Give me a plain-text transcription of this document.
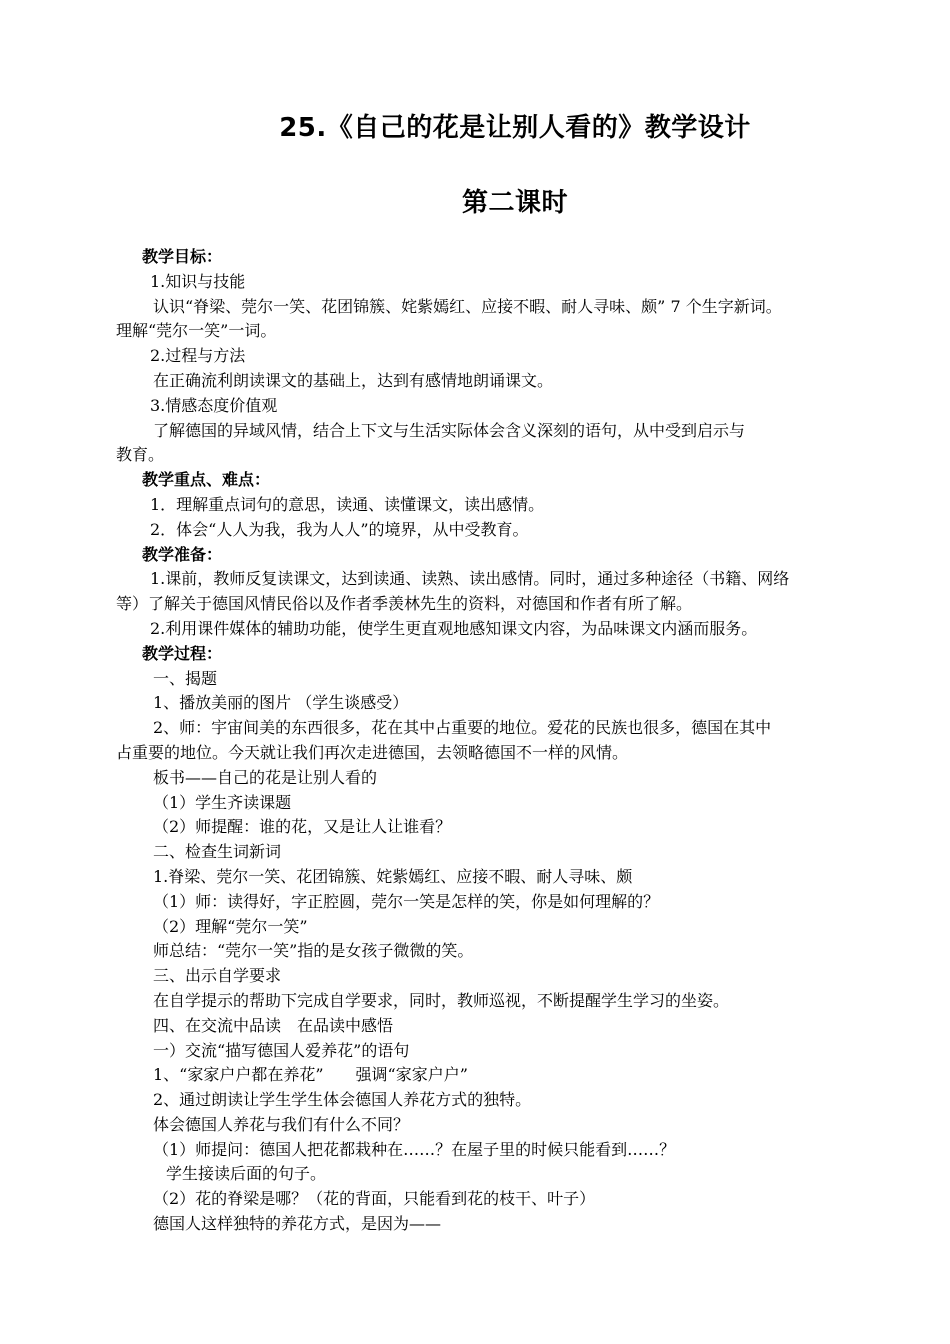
25.《自己的花是让别人看的》教学设计
第二课时
教学目标：
1.知识与技能
认识“脊梁、莞尔一笑、花团锦簇、姹紫嫣红、应接不暇、耐人寻味、颇” 7 个生字新词。
理解“莞尔一笑”一词。
2.过程与方法
在正确流利朗读课文的基础上，达到有感情地朗诵课文。
3.情感态度价值观
了解德国的异域风情，结合上下文与生活实际体会含义深刻的语句，从中受到启示与
教育。
教学重点、难点：
1．理解重点词句的意思，读通、读懂课文，读出感情。
2．体会“人人为我，我为人人”的境界，从中受教育。
教学准备：
1.课前，教师反复读课文，达到读通、读熟、读出感情。同时，通过多种途径（书籍、网络
等）了解关于德国风情民俗以及作者季羡林先生的资料，对德国和作者有所了解。
2.利用课件媒体的辅助功能，使学生更直观地感知课文内容，为品味课文内涵而服务。
教学过程：
一、揭题
1、播放美丽的图片 （学生谈感受）
2、师：宇宙间美的东西很多，花在其中占重要的地位。爱花的民族也很多，德国在其中
占重要的地位。今天就让我们再次走进德国，去领略德国不一样的风情。
板书——自己的花是让别人看的
（1）学生齐读课题
（2）师提醒：谁的花，又是让人让谁看？
二、检查生词新词
1.脊梁、莞尔一笑、花团锦簇、姹紫嫣红、应接不暇、耐人寻味、颇
（1）师：读得好，字正腔圆，莞尔一笑是怎样的笑，你是如何理解的？
（2）理解“莞尔一笑”
师总结：“莞尔一笑”指的是女孩子微微的笑。
三、出示自学要求
在自学提示的帮助下完成自学要求，同时，教师巡视，不断提醒学生学习的坐姿。
四、在交流中品读　在品读中感悟
一）交流“描写德国人爱养花”的语句
1、“家家户户都在养花”　　强调“家家户户”
2、通过朗读让学生学生体会德国人养花方式的独特。
体会德国人养花与我们有什么不同？
（1）师提问：德国人把花都栽种在……？在屋子里的时候只能看到……？
学生接读后面的句子。
（2）花的脊梁是哪？（花的背面，只能看到花的枝干、叶子）
德国人这样独特的养花方式，是因为——
